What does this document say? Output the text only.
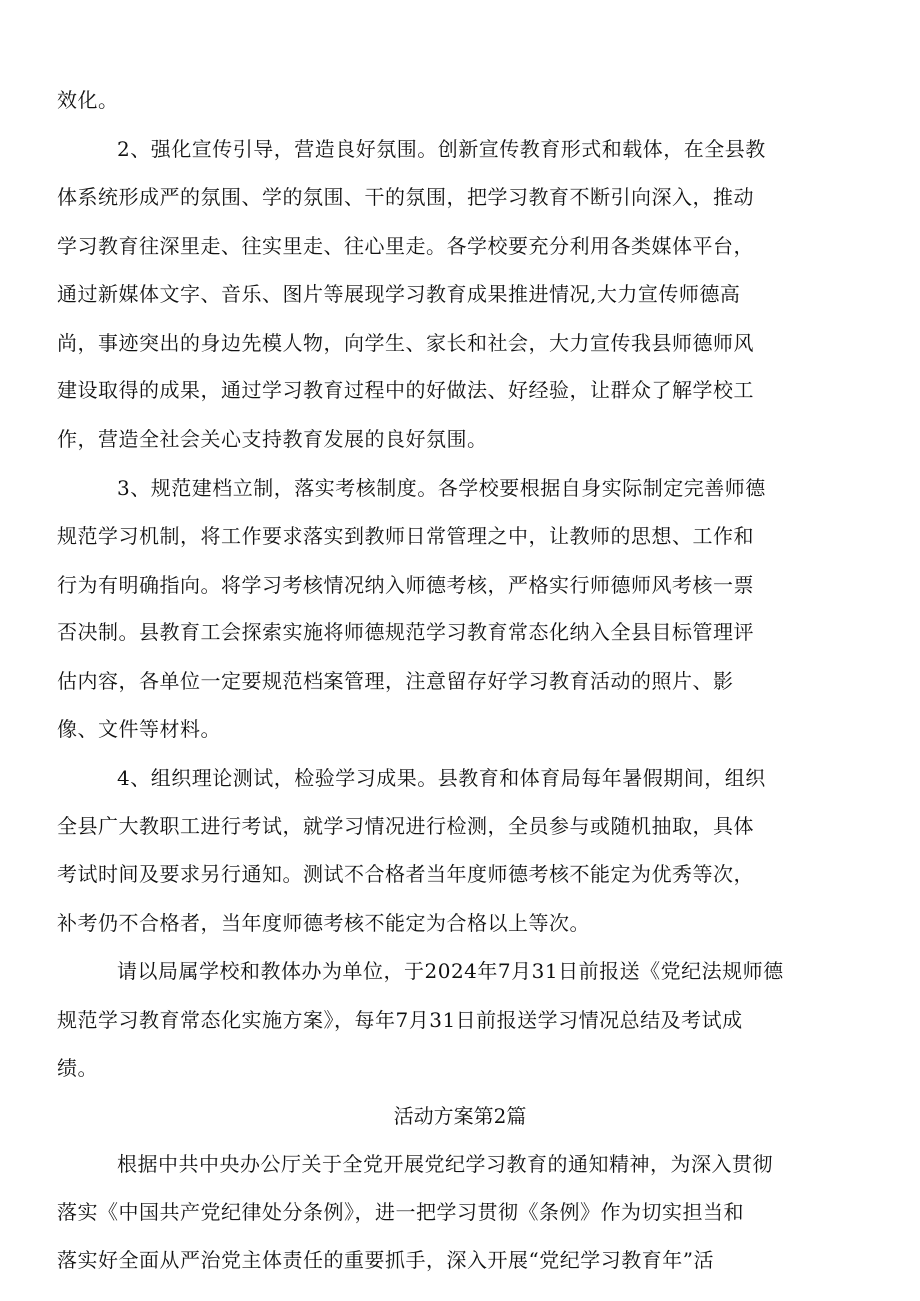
效化。
2、强化宣传引导，营造良好氛围。创新宣传教育形式和载体，在全县教
体系统形成严的氛围、学的氛围、干的氛围，把学习教育不断引向深入，推动
学习教育往深里走、往实里走、往心里走。各学校要充分利用各类媒体平台，
通过新媒体文字、音乐、图片等展现学习教育成果推进情况,大力宣传师德高
尚，事迹突出的身边先模人物，向学生、家长和社会，大力宣传我县师德师风
建设取得的成果，通过学习教育过程中的好做法、好经验，让群众了解学校工
作，营造全社会关心支持教育发展的良好氛围。
3、规范建档立制，落实考核制度。各学校要根据自身实际制定完善师德
规范学习机制，将工作要求落实到教师日常管理之中，让教师的思想、工作和
行为有明确指向。将学习考核情况纳入师德考核，严格实行师德师风考核一票
否决制。县教育工会探索实施将师德规范学习教育常态化纳入全县目标管理评
估内容，各单位一定要规范档案管理，注意留存好学习教育活动的照片、影
像、文件等材料。
4、组织理论测试，检验学习成果。县教育和体育局每年暑假期间，组织
全县广大教职工进行考试，就学习情况进行检测，全员参与或随机抽取，具体
考试时间及要求另行通知。测试不合格者当年度师德考核不能定为优秀等次，
补考仍不合格者，当年度师德考核不能定为合格以上等次。
请以局属学校和教体办为单位，于2024年7月31日前报送《党纪法规师德
规范学习教育常态化实施方案》，每年7月31日前报送学习情况总结及考试成
绩。
活动方案第2篇
根据中共中央办公厅关于全党开展党纪学习教育的通知精神，为深入贯彻
落实《中国共产党纪律处分条例》，进一把学习贯彻《条例》作为切实担当和
落实好全面从严治党主体责任的重要抓手，深入开展“党纪学习教育年”活
